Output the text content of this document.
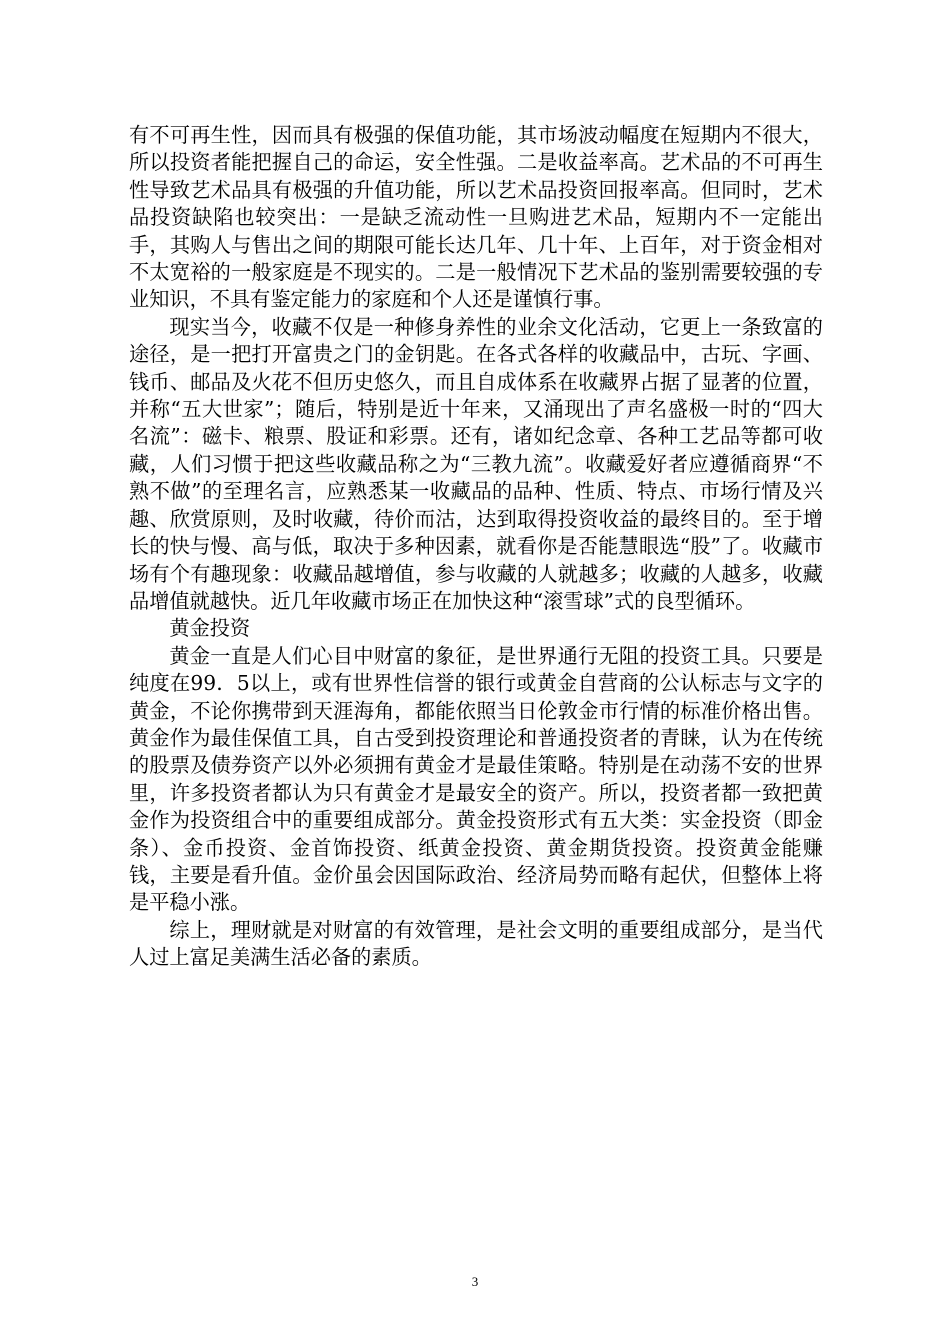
有不可再生性，因而具有极强的保值功能，其市场波动幅度在短期内不很大，所以投资者能把握自己的命运，安全性强。二是收益率高。艺术品的不可再生性导致艺术品具有极强的升值功能，所以艺术品投资回报率高。但同时，艺术品投资缺陷也较突出：一是缺乏流动性一旦购进艺术品，短期内不一定能出手，其购人与售出之间的期限可能长达几年、几十年、上百年，对于资金相对不太宽裕的一般家庭是不现实的。二是一般情况下艺术品的鉴别需要较强的专业知识，不具有鉴定能力的家庭和个人还是谨慎行事。

现实当今，收藏不仅是一种修身养性的业余文化活动，它更上一条致富的途径，是一把打开富贵之门的金钥匙。在各式各样的收藏品中，古玩、字画、钱币、邮品及火花不但历史悠久，而且自成体系在收藏界占据了显著的位置，并称“五大世家”；随后，特别是近十年来，又涌现出了声名盛极一时的“四大名流”：磁卡、粮票、股证和彩票。还有，诸如纪念章、各种工艺品等都可收藏，人们习惯于把这些收藏品称之为“三教九流”。收藏爱好者应遵循商界“不熟不做”的至理名言，应熟悉某一收藏品的品种、性质、特点、市场行情及兴趣、欣赏原则，及时收藏，待价而沽，达到取得投资收益的最终目的。至于增长的快与慢、高与低，取决于多种因素，就看你是否能慧眼选“股”了。收藏市场有个有趣现象：收藏品越增值，参与收藏的人就越多；收藏的人越多，收藏品增值就越快。近几年收藏市场正在加快这种“滚雪球”式的良型循环。

黄金投资

黄金一直是人们心目中财富的象征，是世界通行无阻的投资工具。只要是纯度在99．5以上，或有世界性信誉的银行或黄金自营商的公认标志与文字的黄金，不论你携带到天涯海角，都能依照当日伦敦金市行情的标准价格出售。黄金作为最佳保值工具，自古受到投资理论和普通投资者的青睐，认为在传统的股票及债券资产以外必须拥有黄金才是最佳策略。特别是在动荡不安的世界里，许多投资者都认为只有黄金才是最安全的资产。所以，投资者都一致把黄金作为投资组合中的重要组成部分。黄金投资形式有五大类：实金投资（即金条）、金币投资、金首饰投资、纸黄金投资、黄金期货投资。投资黄金能赚钱，主要是看升值。金价虽会因国际政治、经济局势而略有起伏，但整体上将是平稳小涨。

综上，理财就是对财富的有效管理，是社会文明的重要组成部分，是当代人过上富足美满生活必备的素质。

3
